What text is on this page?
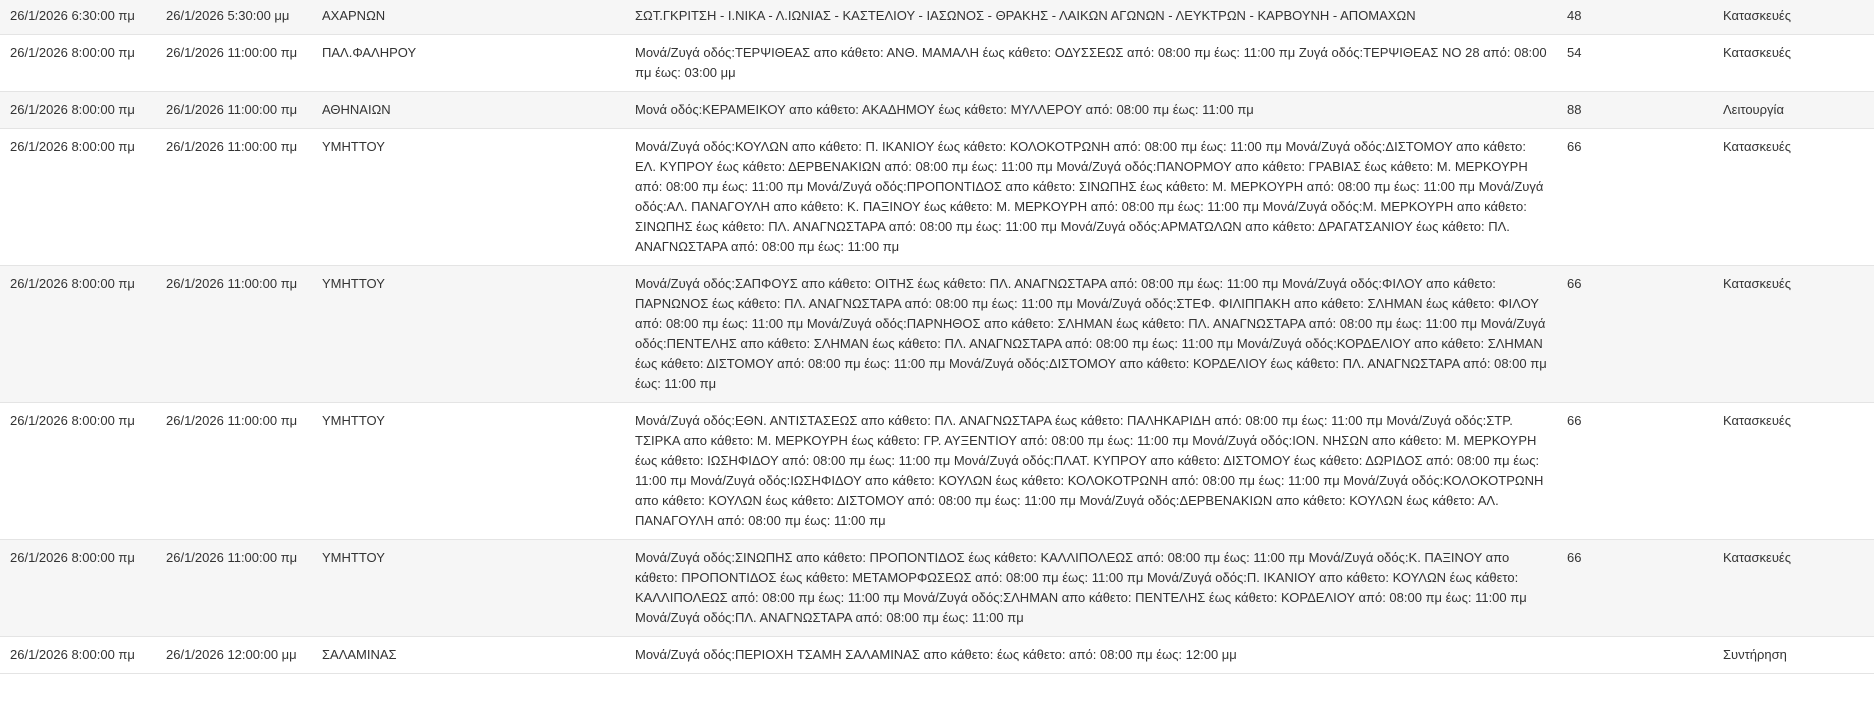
26/1/2026 6:30:00 πμ	26/1/2026 5:30:00 μμ	ΑΧΑΡΝΩΝ	ΣΩΤ.ΓΚΡΙΤΣΗ - Ι.ΝΙΚΑ - Λ.ΙΩΝΙΑΣ - ΚΑΣΤΕΛΙΟΥ - ΙΑΣΩΝΟΣ - ΘΡΑΚΗΣ - ΛΑΙΚΩΝ ΑΓΩΝΩΝ - ΛΕΥΚΤΡΩΝ - ΚΑΡΒΟΥΝΗ - ΑΠΟΜΑΧΩΝ	48	Κατασκευές
26/1/2026 8:00:00 πμ	26/1/2026 11:00:00 πμ	ΠΑΛ.ΦΑΛΗΡΟΥ	Μονά/Ζυγά οδός:ΤΕΡΨΙΘΕΑΣ απο κάθετο: ΑΝΘ. ΜΑΜΑΛΗ έως κάθετο: ΟΔΥΣΣΕΩΣ από: 08:00 πμ έως: 11:00 πμ Ζυγά οδός:ΤΕΡΨΙΘΕΑΣ ΝΟ 28 από: 08:00 πμ έως: 03:00 μμ	54	Κατασκευές
26/1/2026 8:00:00 πμ	26/1/2026 11:00:00 πμ	ΑΘΗΝΑΙΩΝ	Μονά οδός:ΚΕΡΑΜΕΙΚΟΥ απο κάθετο: ΑΚΑΔΗΜΟΥ έως κάθετο: ΜΥΛΛΕΡΟΥ από: 08:00 πμ έως: 11:00 πμ	88	Λειτουργία
26/1/2026 8:00:00 πμ	26/1/2026 11:00:00 πμ	ΥΜΗΤΤΟΥ	Μονά/Ζυγά οδός:ΚΟΥΛΩΝ απο κάθετο: Π. ΙΚΑΝΙΟΥ έως κάθετο: ΚΟΛΟΚΟΤΡΩΝΗ από: 08:00 πμ έως: 11:00 πμ Μονά/Ζυγά οδός:ΔΙΣΤΟΜΟΥ απο κάθετο: ΕΛ. ΚΥΠΡΟΥ έως κάθετο: ΔΕΡΒΕΝΑΚΙΩΝ από: 08:00 πμ έως: 11:00 πμ Μονά/Ζυγά οδός:ΠΑΝΟΡΜΟΥ απο κάθετο: ΓΡΑΒΙΑΣ έως κάθετο: Μ. ΜΕΡΚΟΥΡΗ από: 08:00 πμ έως: 11:00 πμ Μονά/Ζυγά οδός:ΠΡΟΠΟΝΤΙΔΟΣ απο κάθετο: ΣΙΝΩΠΗΣ έως κάθετο: Μ. ΜΕΡΚΟΥΡΗ από: 08:00 πμ έως: 11:00 πμ Μονά/Ζυγά οδός:ΑΛ. ΠΑΝΑΓΟΥΛΗ απο κάθετο: Κ. ΠΑΞΙΝΟΥ έως κάθετο: Μ. ΜΕΡΚΟΥΡΗ από: 08:00 πμ έως: 11:00 πμ Μονά/Ζυγά οδός:Μ. ΜΕΡΚΟΥΡΗ απο κάθετο: ΣΙΝΩΠΗΣ έως κάθετο: ΠΛ. ΑΝΑΓΝΩΣΤΑΡΑ από: 08:00 πμ έως: 11:00 πμ Μονά/Ζυγά οδός:ΑΡΜΑΤΩΛΩΝ απο κάθετο: ΔΡΑΓΑΤΣΑΝΙΟΥ έως κάθετο: ΠΛ. ΑΝΑΓΝΩΣΤΑΡΑ από: 08:00 πμ έως: 11:00 πμ	66	Κατασκευές
26/1/2026 8:00:00 πμ	26/1/2026 11:00:00 πμ	ΥΜΗΤΤΟΥ	Μονά/Ζυγά οδός:ΣΑΠΦΟΥΣ απο κάθετο: ΟΙΤΗΣ έως κάθετο: ΠΛ. ΑΝΑΓΝΩΣΤΑΡΑ από: 08:00 πμ έως: 11:00 πμ Μονά/Ζυγά οδός:ΦΙΛΟΥ απο κάθετο: ΠΑΡΝΩΝΟΣ έως κάθετο: ΠΛ. ΑΝΑΓΝΩΣΤΑΡΑ από: 08:00 πμ έως: 11:00 πμ Μονά/Ζυγά οδός:ΣΤΕΦ. ΦΙΛΙΠΠΑΚΗ απο κάθετο: ΣΛΗΜΑΝ έως κάθετο: ΦΙΛΟΥ από: 08:00 πμ έως: 11:00 πμ Μονά/Ζυγά οδός:ΠΑΡΝΗΘΟΣ απο κάθετο: ΣΛΗΜΑΝ έως κάθετο: ΠΛ. ΑΝΑΓΝΩΣΤΑΡΑ από: 08:00 πμ έως: 11:00 πμ Μονά/Ζυγά οδός:ΠΕΝΤΕΛΗΣ απο κάθετο: ΣΛΗΜΑΝ έως κάθετο: ΠΛ. ΑΝΑΓΝΩΣΤΑΡΑ από: 08:00 πμ έως: 11:00 πμ Μονά/Ζυγά οδός:ΚΟΡΔΕΛΙΟΥ απο κάθετο: ΣΛΗΜΑΝ έως κάθετο: ΔΙΣΤΟΜΟΥ από: 08:00 πμ έως: 11:00 πμ Μονά/Ζυγά οδός:ΔΙΣΤΟΜΟΥ απο κάθετο: ΚΟΡΔΕΛΙΟΥ έως κάθετο: ΠΛ. ΑΝΑΓΝΩΣΤΑΡΑ από: 08:00 πμ έως: 11:00 πμ	66	Κατασκευές
26/1/2026 8:00:00 πμ	26/1/2026 11:00:00 πμ	ΥΜΗΤΤΟΥ	Μονά/Ζυγά οδός:ΕΘΝ. ΑΝΤΙΣΤΑΣΕΩΣ απο κάθετο: ΠΛ. ΑΝΑΓΝΩΣΤΑΡΑ έως κάθετο: ΠΑΛΗΚΑΡΙΔΗ από: 08:00 πμ έως: 11:00 πμ Μονά/Ζυγά οδός:ΣΤΡ. ΤΣΙΡΚΑ απο κάθετο: Μ. ΜΕΡΚΟΥΡΗ έως κάθετο: ΓΡ. ΑΥΞΕΝΤΙΟΥ από: 08:00 πμ έως: 11:00 πμ Μονά/Ζυγά οδός:ΙΟΝ. ΝΗΣΩΝ απο κάθετο: Μ. ΜΕΡΚΟΥΡΗ έως κάθετο: ΙΩΣΗΦΙΔΟΥ από: 08:00 πμ έως: 11:00 πμ Μονά/Ζυγά οδός:ΠΛΑΤ. ΚΥΠΡΟΥ απο κάθετο: ΔΙΣΤΟΜΟΥ έως κάθετο: ΔΩΡΙΔΟΣ από: 08:00 πμ έως: 11:00 πμ Μονά/Ζυγά οδός:ΙΩΣΗΦΙΔΟΥ απο κάθετο: ΚΟΥΛΩΝ έως κάθετο: ΚΟΛΟΚΟΤΡΩΝΗ από: 08:00 πμ έως: 11:00 πμ Μονά/Ζυγά οδός:ΚΟΛΟΚΟΤΡΩΝΗ απο κάθετο: ΚΟΥΛΩΝ έως κάθετο: ΔΙΣΤΟΜΟΥ από: 08:00 πμ έως: 11:00 πμ Μονά/Ζυγά οδός:ΔΕΡΒΕΝΑΚΙΩΝ απο κάθετο: ΚΟΥΛΩΝ έως κάθετο: ΑΛ. ΠΑΝΑΓΟΥΛΗ από: 08:00 πμ έως: 11:00 πμ	66	Κατασκευές
26/1/2026 8:00:00 πμ	26/1/2026 11:00:00 πμ	ΥΜΗΤΤΟΥ	Μονά/Ζυγά οδός:ΣΙΝΩΠΗΣ απο κάθετο: ΠΡΟΠΟΝΤΙΔΟΣ έως κάθετο: ΚΑΛΛΙΠΟΛΕΩΣ από: 08:00 πμ έως: 11:00 πμ Μονά/Ζυγά οδός:Κ. ΠΑΞΙΝΟΥ απο κάθετο: ΠΡΟΠΟΝΤΙΔΟΣ έως κάθετο: ΜΕΤΑΜΟΡΦΩΣΕΩΣ από: 08:00 πμ έως: 11:00 πμ Μονά/Ζυγά οδός:Π. ΙΚΑΝΙΟΥ απο κάθετο: ΚΟΥΛΩΝ έως κάθετο: ΚΑΛΛΙΠΟΛΕΩΣ από: 08:00 πμ έως: 11:00 πμ Μονά/Ζυγά οδός:ΣΛΗΜΑΝ απο κάθετο: ΠΕΝΤΕΛΗΣ έως κάθετο: ΚΟΡΔΕΛΙΟΥ από: 08:00 πμ έως: 11:00 πμ Μονά/Ζυγά οδός:ΠΛ. ΑΝΑΓΝΩΣΤΑΡΑ από: 08:00 πμ έως: 11:00 πμ	66	Κατασκευές
26/1/2026 8:00:00 πμ	26/1/2026 12:00:00 μμ	ΣΑΛΑΜΙΝΑΣ	Μονά/Ζυγά οδός:ΠΕΡΙΟΧΗ ΤΣΑΜΗ ΣΑΛΑΜΙΝΑΣ απο κάθετο: έως κάθετο: από: 08:00 πμ έως: 12:00 μμ		Συντήρηση
